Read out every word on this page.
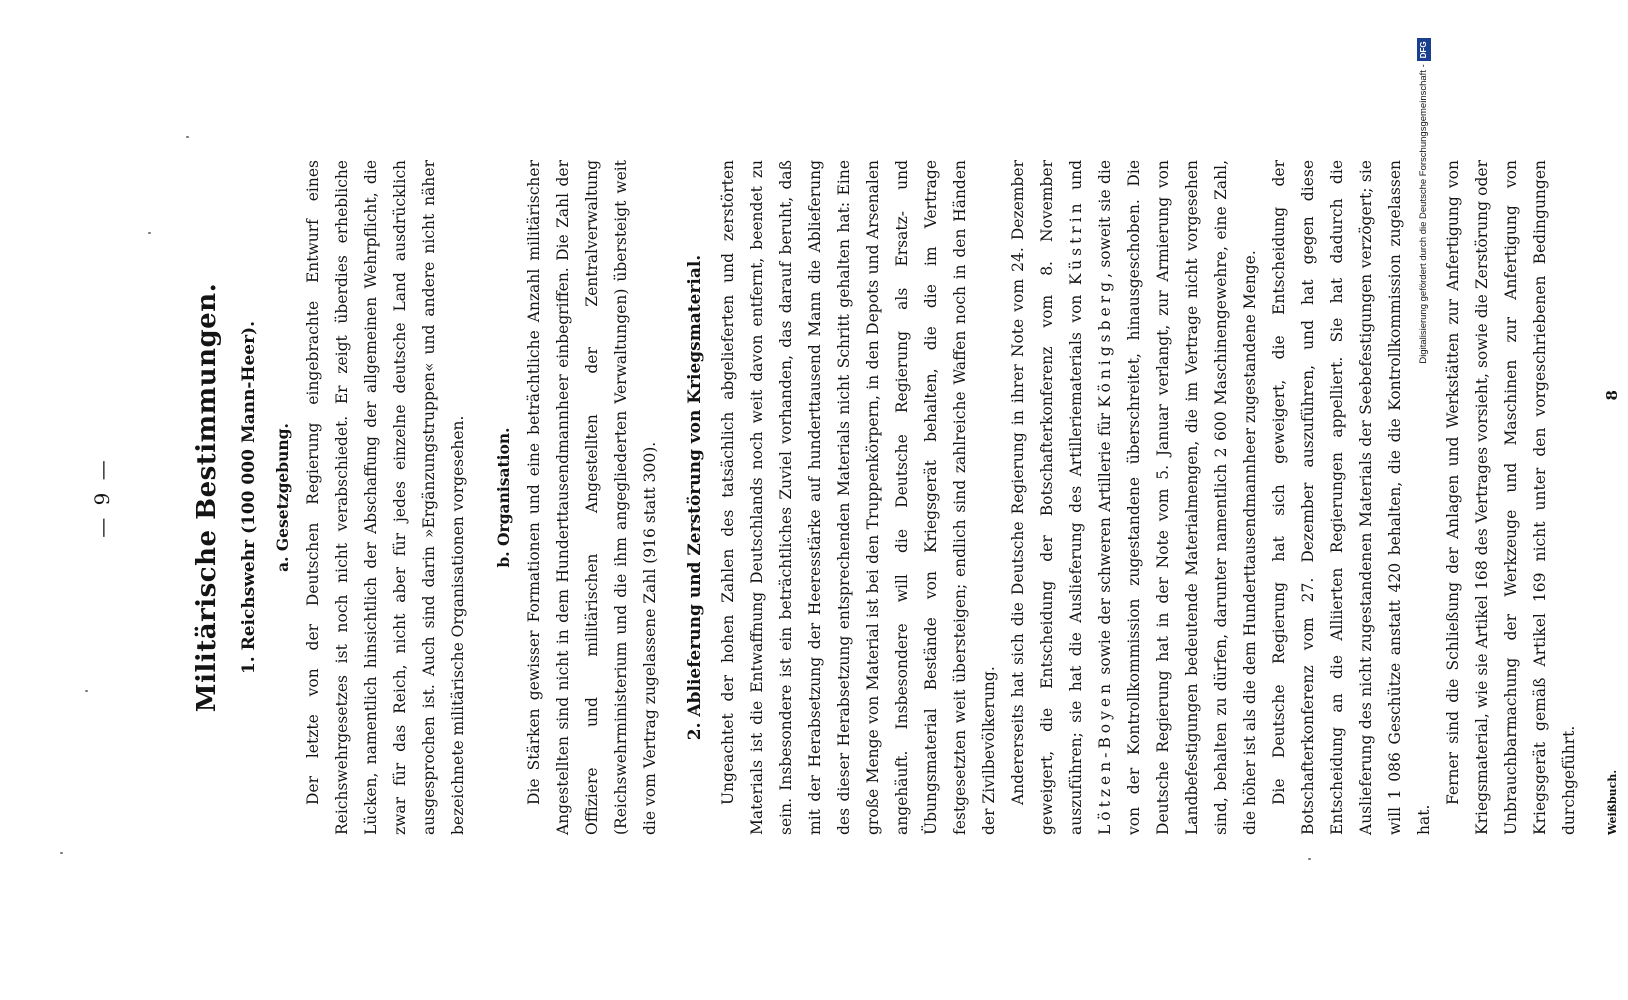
— 9 —	Militärische Bestimmungen. 1. Reichswehr (100 000 Mann-Heer). a. Gesetzgebung. Der letzte von der Deutschen Regierung eingebrachte Entwurf eines Reichswehrgesetzes ist noch nicht verabschiedet. Er zeigt überdies erhebliche Lücken, namentlich hinsichtlich der Abschaffung der allgemeinen Wehrpflicht, die zwar für das Reich, nicht aber für jedes einzelne deutsche Land ausdrücklich ausgesprochen ist. Auch sind darin »Ergänzungstruppen« und andere nicht näher bezeichnete militärische Organisationen vorgesehen.	b. Organisation. Die Stärken gewisser Formationen und eine beträchtliche Anzahl militärischer Angestellten sind nicht in dem Hunderttausendmannheer einbegriffen. Die Zahl der Offiziere und militärischen Angestellten der Zentralverwaltung (Reichswehrministerium und die ihm angegliederten Verwaltungen) übersteigt weit die vom Vertrag zugelassene Zahl (916 statt 300).	2. Ablieferung und Zerstörung von Kriegsmaterial. Ungeachtet der hohen Zahlen des tatsächlich abgelieferten und zerstörten Materials ist die Entwaffnung Deutschlands noch weit davon entfernt, beendet zu sein. Insbesondere ist ein beträchtliches Zuviel vorhanden, das darauf beruht, daß mit der Herabsetzung der Heeresstärke auf hunderttausend Mann die Ablieferung des dieser Herabsetzung entsprechenden Materials nicht Schritt gehalten hat: Eine große Menge von Material ist bei den Truppenkörpern, in den Depots und Arsenalen angehäuft. Insbesondere will die Deutsche Regierung als Ersatz- und Übungsmaterial Bestände von Kriegsgerät behalten, die die im Vertrage festgesetzten weit übersteigen; endlich sind zahlreiche Waffen noch in den Händen der Zivilbevölkerung. Andererseits hat sich die Deutsche Regierung in ihrer Note vom 24. Dezember geweigert, die Entscheidung der Botschafterkonferenz vom 8. November auszuführen; sie hat die Auslieferung des Artilleriematerials von Küstrin und Lötzen-Boyen sowie der schweren Artillerie für Königsberg, soweit sie die von der Kontrollkommission zugestandene überschreitet, hinausgeschoben. Die Deutsche Regierung hat in der Note vom 5. Januar verlangt, zur Armierung von Landbefestigungen bedeutende Materialmengen, die im Vertrage nicht vorgesehen sind, behalten zu dürfen, darunter namentlich 2 600 Maschinengewehre, eine Zahl, die höher ist als die dem Hunderttausendmannheer zugestandene Menge. Die Deutsche Regierung hat sich geweigert, die Entscheidung der Botschafterkonferenz vom 27. Dezember auszuführen, und hat gegen diese Entscheidung an die Alliierten Regierungen appelliert. Sie hat dadurch die Auslieferung des nicht zugestandenen Materials der Seebefestigungen verzögert; sie will 1 086 Geschütze anstatt 420 behalten, die die Kontrollkommission zugelassen hat.

Ferner sind die Schließung der Anlagen und Werkstätten zur Anfertigung von Kriegsmaterial, wie sie Artikel 168 des Vertrages vorsieht, sowie die Zerstörung oder Unbrauchbarmachung der Werkzeuge und Maschinen zur Anfertigung von Kriegsgerät gemäß Artikel 169 nicht unter den vorgeschriebenen Bedingungen durchgeführt.	Weißbuch.
8
Digitalisierung gefördert durch die Deutsche Forschungsgemeinschaft -DFG
